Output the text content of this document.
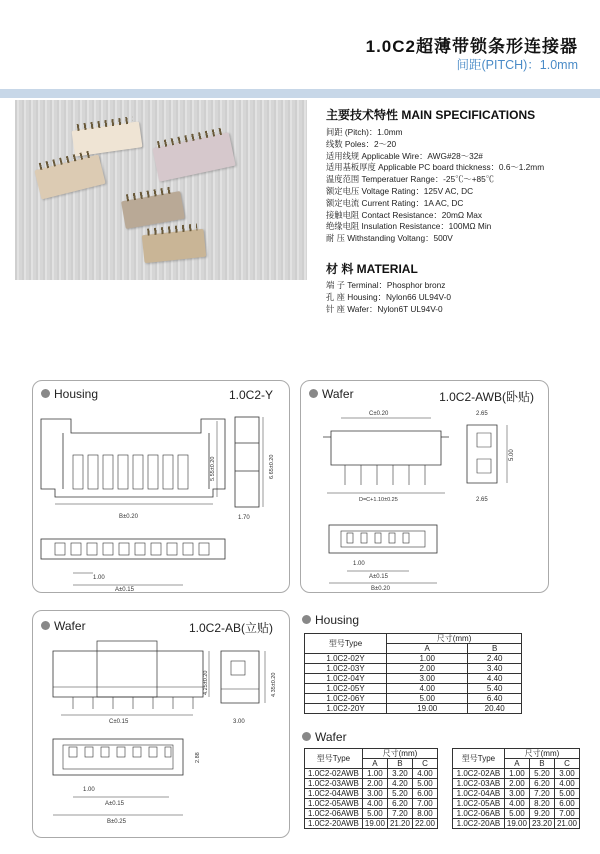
1.0C2超薄带锁条形连接器
间距(PITCH)：1.0mm
主要技术特性 MAIN SPECIFICATIONS
间距 (Pitch)：1.0mm
线数 Poles：2～20
适用线规 Applicable Wire：AWG#28～32#
适用基板厚度 Applicable PC board thickness：0.6～1.2mm
温度范围 Temperatuer Range：-25℃～+85℃
额定电压 Voltage Rating：125V AC, DC
额定电流 Current Rating：1A AC, DC
接触电阻 Contact Resistance：20mΩ Max
绝缘电阻 Insulation Resistance：100MΩ Min
耐 压 Withstanding Voltang：500V
材 料 MATERIAL
端 子 Terminal：Phosphor bronz
孔 座 Housing：Nylon66 UL94V-0
针 座 Wafer：Nylon6T UL94V-0
Housing	1.0C2-Y
B±0.20
5.55±0.20	6.65±0.20
1.70
1.00
A±0.15
Wafer	1.0C2-AWB(卧贴)
C±0.20
D=C+1.10±0.25
2.65
5.00
2.65
1.00
A±0.15
B±0.20
Wafer	1.0C2-AB(立贴)
4.25±0.20
C±0.15
4.35±0.20
3.00
2.88
1.00
A±0.15
B±0.25
Housing
型号Type	尺寸(mm)	
	A	B
1.0C2-02Y	1.00	2.40
1.0C2-03Y	2.00	3.40
1.0C2-04Y	3.00	4.40
1.0C2-05Y	4.00	5.40
1.0C2-06Y	5.00	6.40
1.0C2-20Y	19.00	20.40
Wafer
型号Type	尺寸(mm)		
	A	B	C
1.0C2-02AWB	1.00	3.20	4.00
1.0C2-03AWB	2.00	4.20	5.00
1.0C2-04AWB	3.00	5.20	6.00
1.0C2-05AWB	4.00	6.20	7.00
1.0C2-06AWB	5.00	7.20	8.00
1.0C2-20AWB	19.00	21.20	22.00
型号Type	尺寸(mm)		
	A	B	C
1.0C2-02AB	1.00	5.20	3.00
1.0C2-03AB	2.00	6.20	4.00
1.0C2-04AB	3.00	7.20	5.00
1.0C2-05AB	4.00	8.20	6.00
1.0C2-06AB	5.00	9.20	7.00
1.0C2-20AB	19.00	23.20	21.00
